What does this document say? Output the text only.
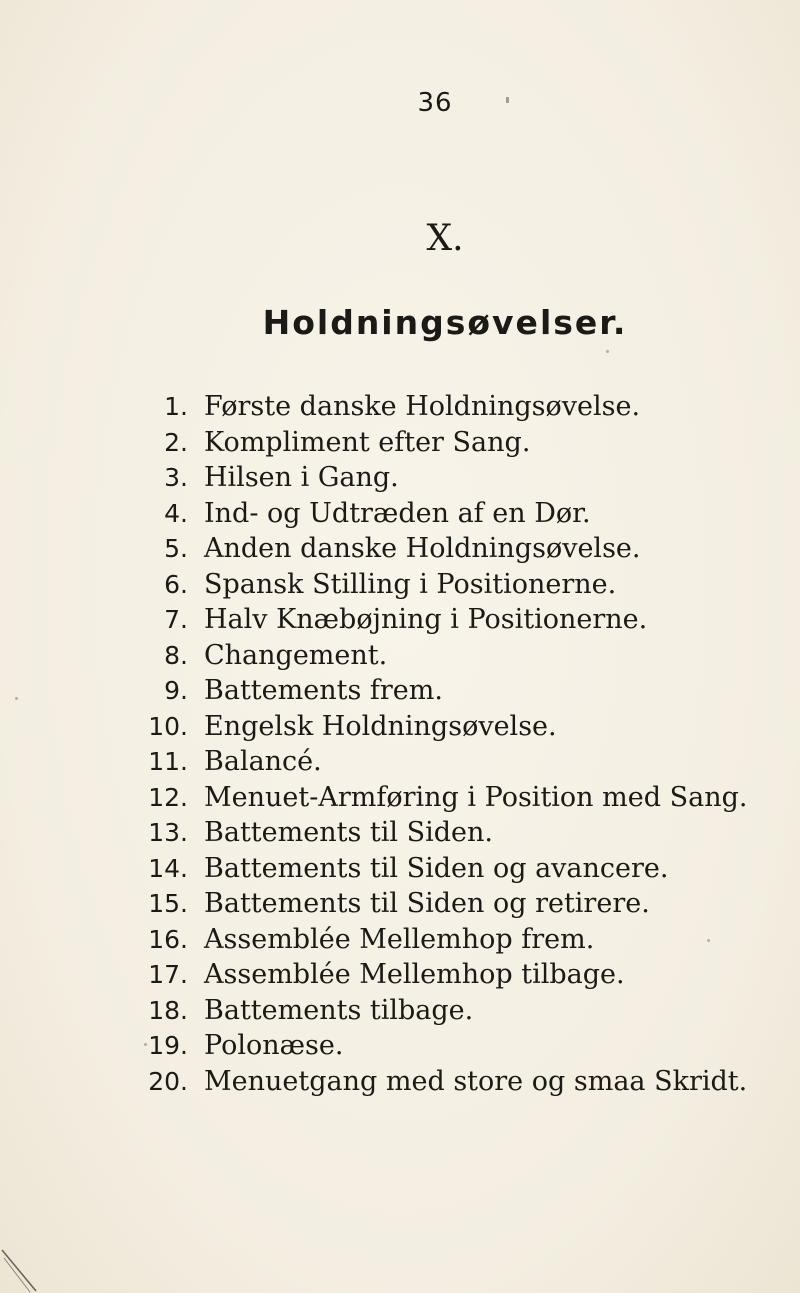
36
X.
Holdningsøvelser.
1. Første danske Holdningsøvelse.
2. Kompliment efter Sang.
3. Hilsen i Gang.
4. Ind- og Udtræden af en Dør.
5. Anden danske Holdningsøvelse.
6. Spansk Stilling i Positionerne.
7. Halv Knæbøjning i Positionerne.
8. Changement.
9. Battements frem.
10. Engelsk Holdningsøvelse.
11. Balancé.
12. Menuet-Armføring i Position med Sang.
13. Battements til Siden.
14. Battements til Siden og avancere.
15. Battements til Siden og retirere.
16. Assemblée Mellemhop frem.
17. Assemblée Mellemhop tilbage.
18. Battements tilbage.
19. Polonæse.
20. Menuetgang med store og smaa Skridt.
